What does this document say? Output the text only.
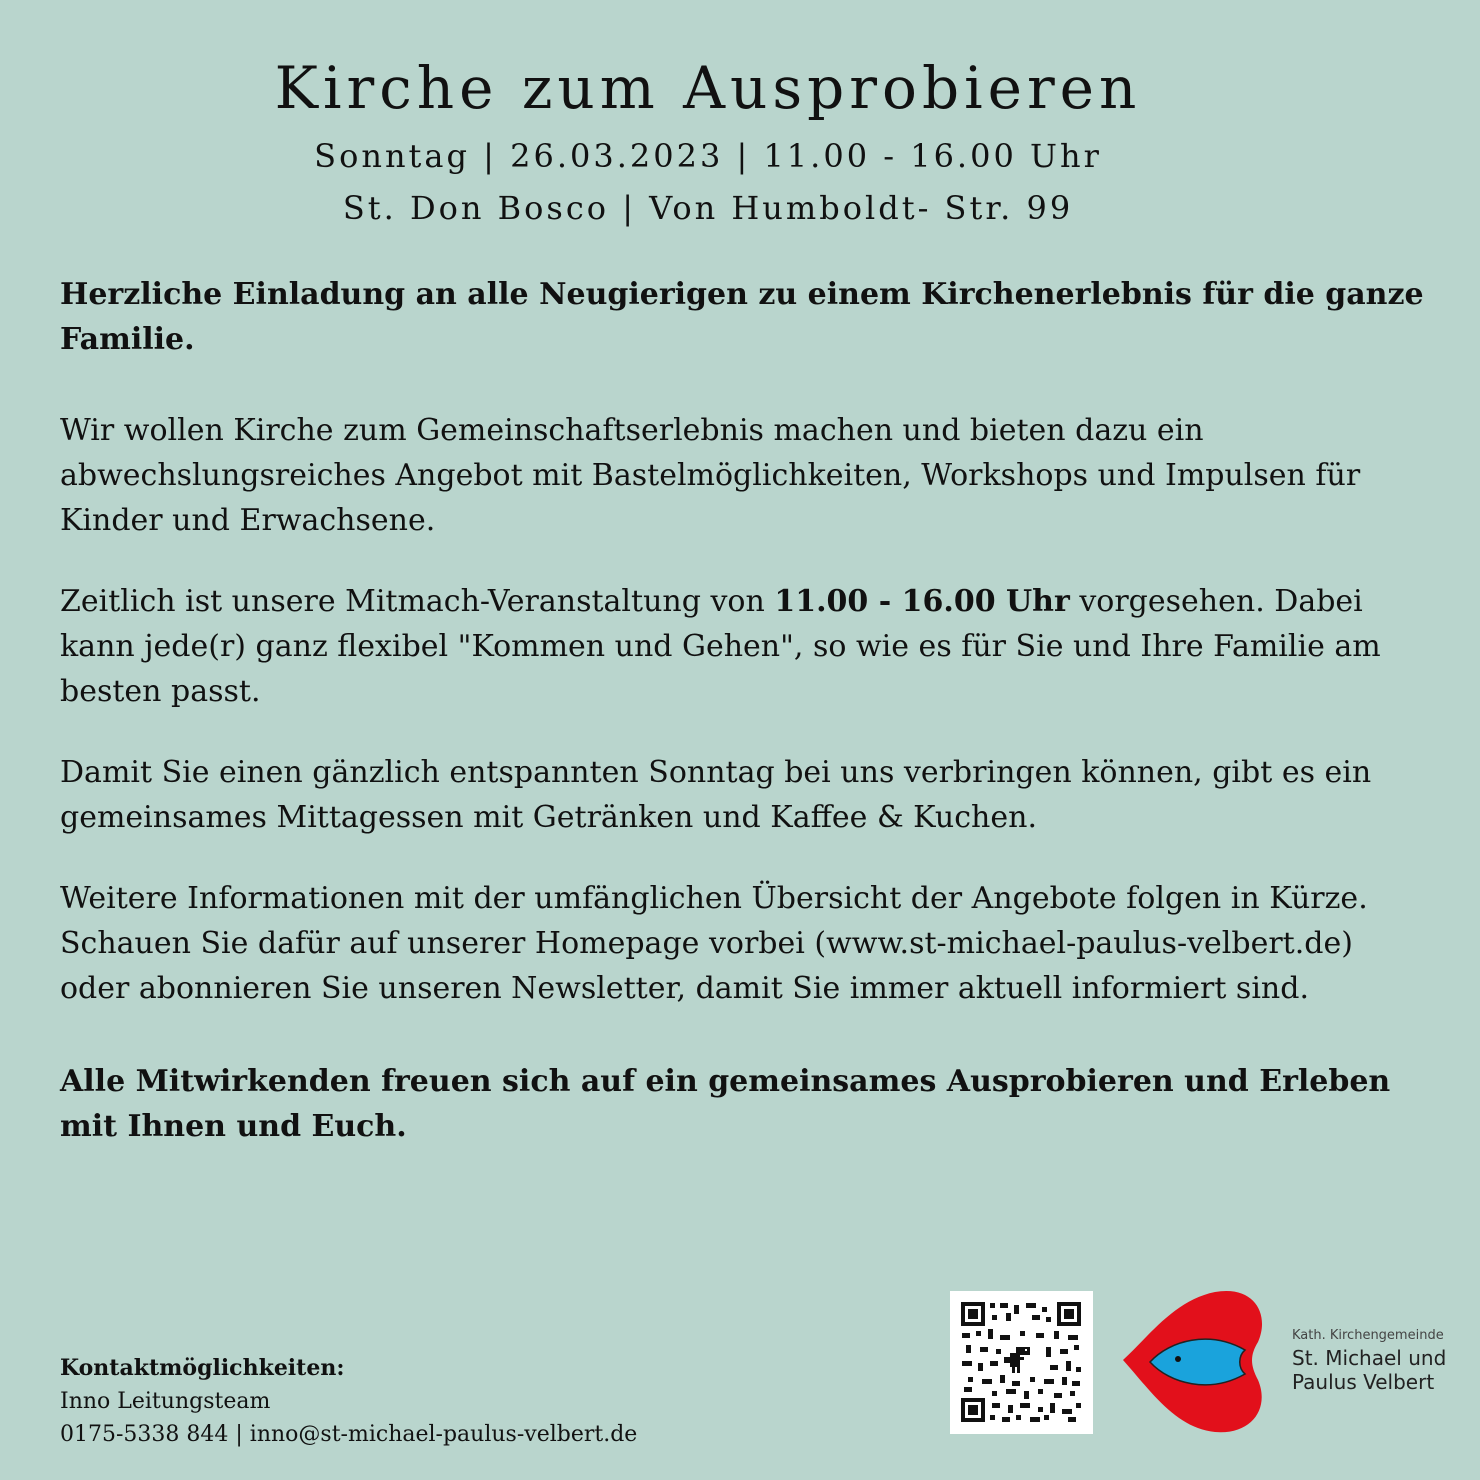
Kirche zum Ausprobieren

Sonntag | 26.03.2023 | 11.00 - 16.00 Uhr

St. Don Bosco | Von Humboldt- Str. 99

Herzliche Einladung an alle Neugierigen zu einem Kirchenerlebnis für die ganze Familie.

Wir wollen Kirche zum Gemeinschaftserlebnis machen und bieten dazu ein abwechslungsreiches Angebot mit Bastelmöglichkeiten, Workshops und Impulsen für Kinder und Erwachsene.

Zeitlich ist unsere Mitmach-Veranstaltung von 11.00 - 16.00 Uhr vorgesehen. Dabei kann jede(r) ganz flexibel "Kommen und Gehen", so wie es für Sie und Ihre Familie am besten passt.

Damit Sie einen gänzlich entspannten Sonntag bei uns verbringen können, gibt es ein gemeinsames Mittagessen mit Getränken und Kaffee & Kuchen.

Weitere Informationen mit der umfänglichen Übersicht der Angebote folgen in Kürze. Schauen Sie dafür auf unserer Homepage vorbei (www.st-michael-paulus-velbert.de) oder abonnieren Sie unseren Newsletter, damit Sie immer aktuell informiert sind.

Alle Mitwirkenden freuen sich auf ein gemeinsames Ausprobieren und Erleben mit Ihnen und Euch.

Kontaktmöglichkeiten:
Inno Leitungsteam
0175-5338 844 | inno@st-michael-paulus-velbert.de
Kath. Kirchengemeinde
St. Michael und
Paulus Velbert
